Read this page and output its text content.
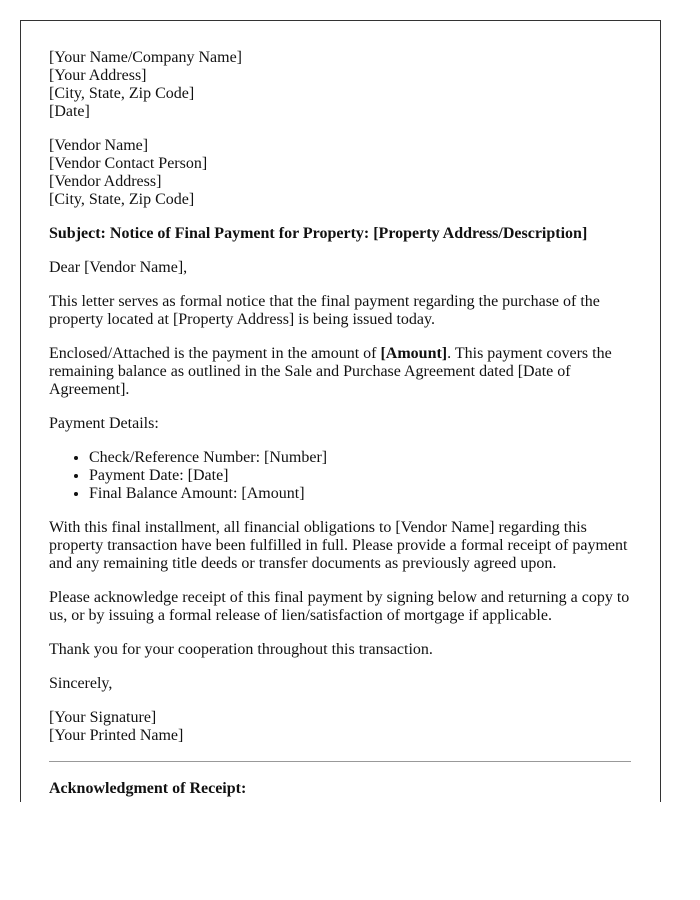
[Your Name/Company Name]
[Your Address]
[City, State, Zip Code]
[Date]
[Vendor Name]
[Vendor Contact Person]
[Vendor Address]
[City, State, Zip Code]

Subject: Notice of Final Payment for Property: [Property Address/Description]

Dear [Vendor Name],

This letter serves as formal notice that the final payment regarding the purchase of the property located at [Property Address] is being issued today.

Enclosed/Attached is the payment in the amount of [Amount]. This payment covers the remaining balance as outlined in the Sale and Purchase Agreement dated [Date of Agreement].

Payment Details:

• Check/Reference Number: [Number]
• Payment Date: [Date]
• Final Balance Amount: [Amount]

With this final installment, all financial obligations to [Vendor Name] regarding this property transaction have been fulfilled in full. Please provide a formal receipt of payment and any remaining title deeds or transfer documents as previously agreed upon.

Please acknowledge receipt of this final payment by signing below and returning a copy to us, or by issuing a formal release of lien/satisfaction of mortgage if applicable.

Thank you for your cooperation throughout this transaction.

Sincerely,

[Your Signature]
[Your Printed Name]

Acknowledgment of Receipt:
